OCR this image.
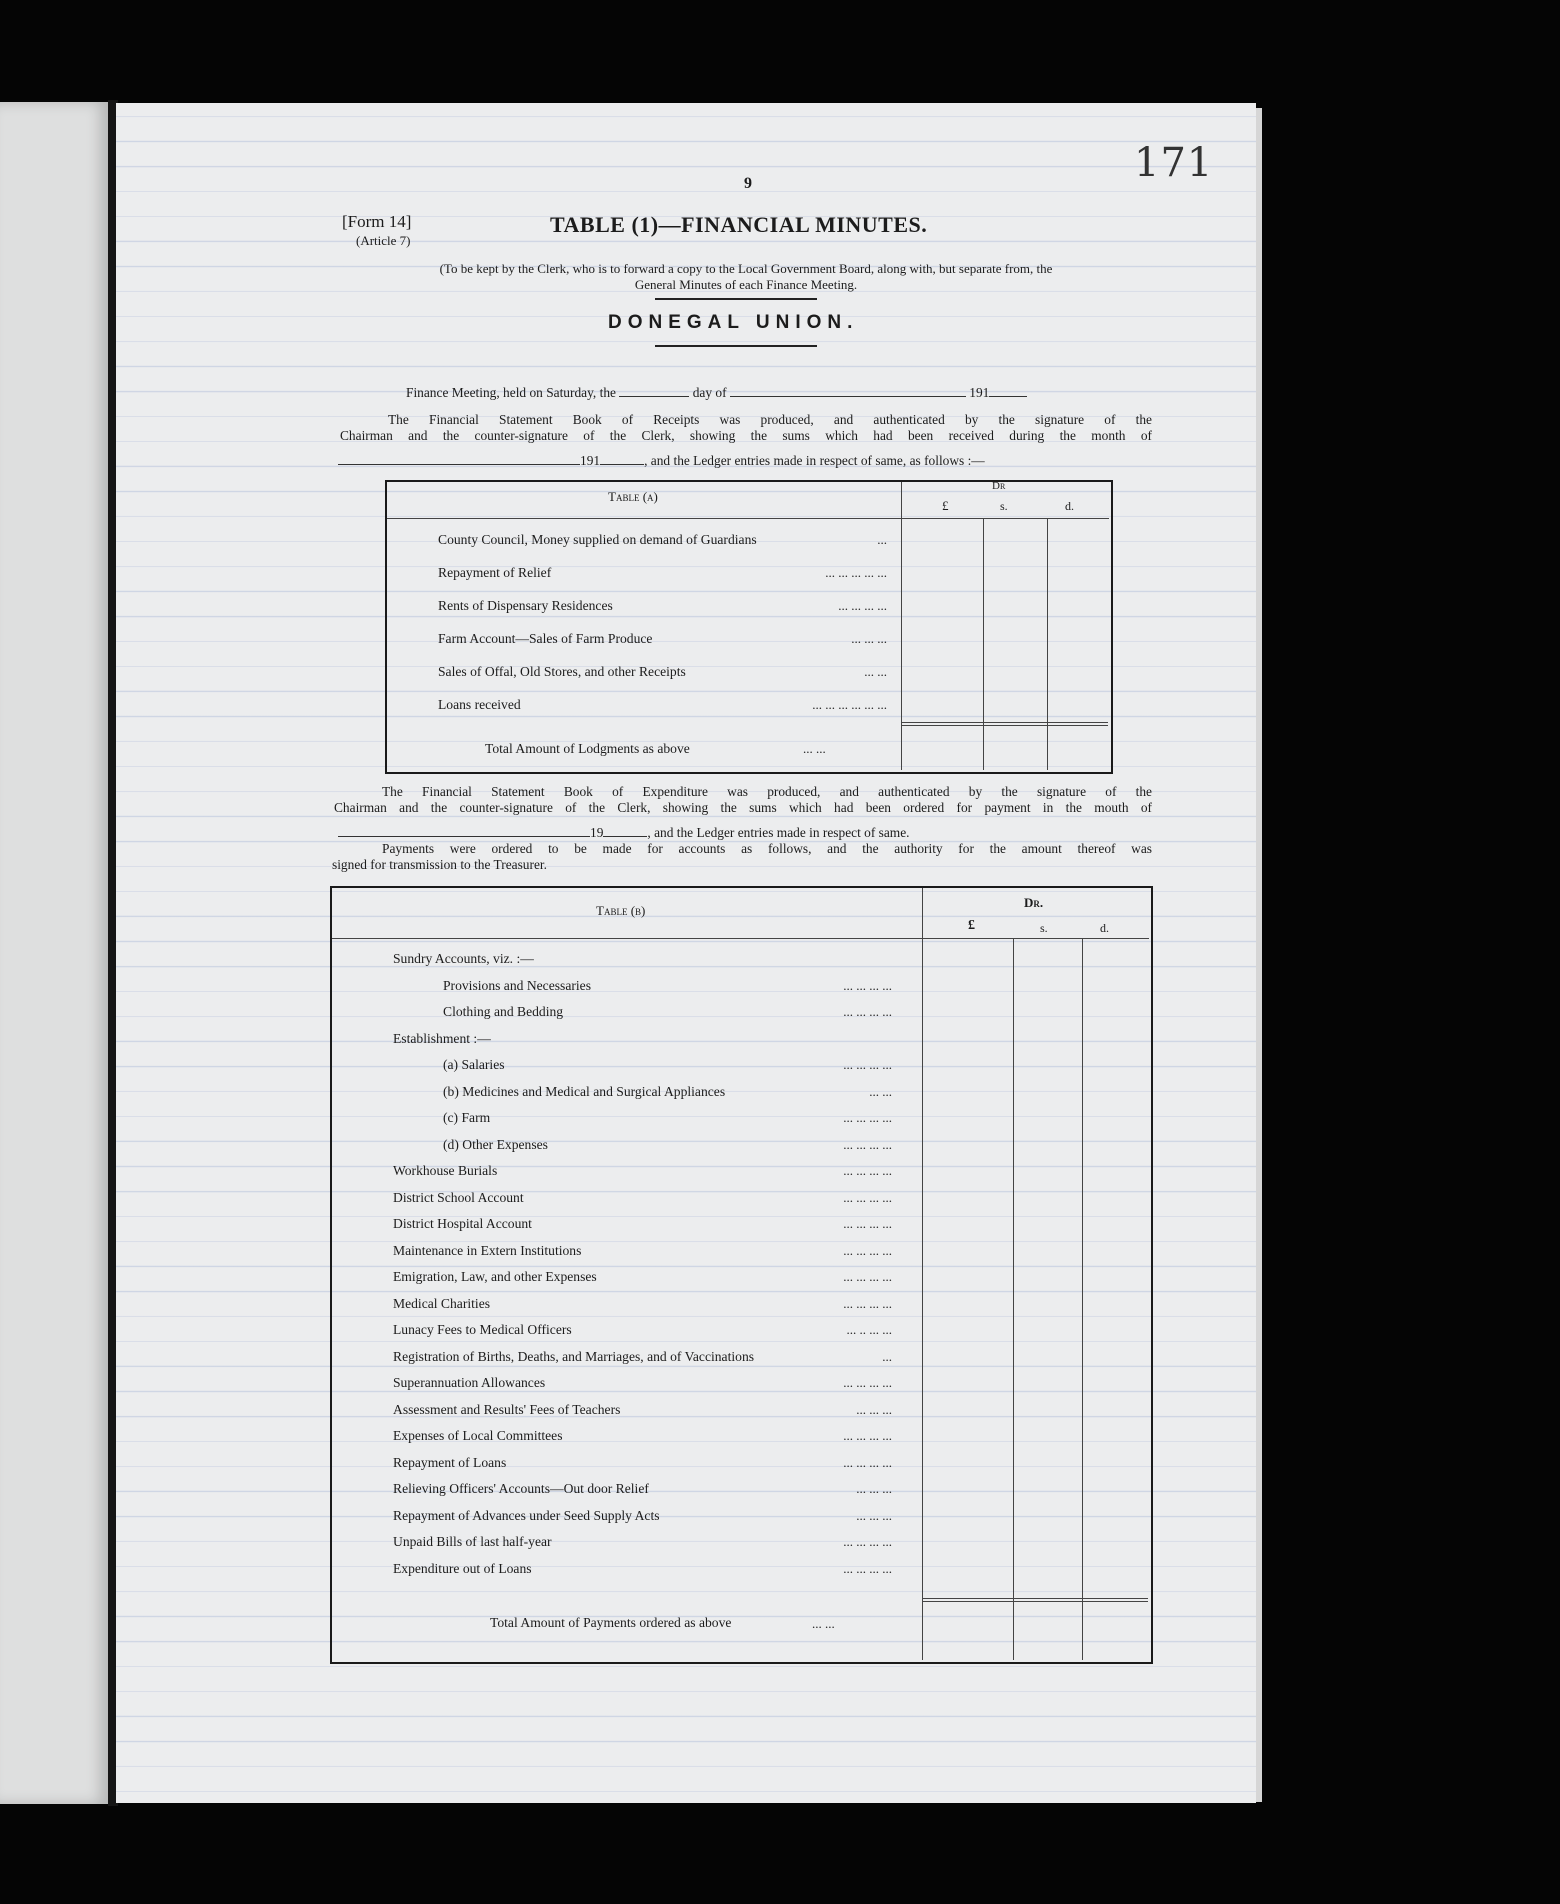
171
9
[Form 14]
(Article 7)
TABLE (1)—FINANCIAL MINUTES.
(To be kept by the Clerk, who is to forward a copy to the Local Government Board, along with, but separate from, the
General Minutes of each Finance Meeting.
DONEGAL UNION.
Finance Meeting, held on Saturday, the	day of	191
The Financial Statement Book of Receipts was produced, and authenticated by the signature of the
Chairman and the counter-signature of the Clerk, showing the sums which had been received during the month of
191	, and the Ledger entries made in respect of same, as follows :—
Table (a)
Dr
£	s.	d.
County Council, Money supplied on demand of Guardians	...
Repayment of Relief	... ... ... ... ...
Rents of Dispensary Residences	... ... ... ...
Farm Account—Sales of Farm Produce	... ... ...
Sales of Offal, Old Stores, and other Receipts	... ...
Loans received	... ... ... ... ... ...
Total Amount of Lodgments as above	... ...
The Financial Statement Book of Expenditure was produced, and authenticated by the signature of the
Chairman and the counter-signature of the Clerk, showing the sums which had been ordered for payment in the mouth of
19	, and the Ledger entries made in respect of same.
Payments were ordered to be made for accounts as follows, and the authority for the amount thereof was
signed for transmission to the Treasurer.
Table (b)
Dr.
£	s.	d.
Sundry Accounts, viz. :—
Provisions and Necessaries	... ... ... ...
Clothing and Bedding	... ... ... ...
Establishment :—
(a) Salaries	... ... ... ...
(b) Medicines and Medical and Surgical Appliances	... ...
(c) Farm	... ... ... ...
(d) Other Expenses	... ... ... ...
Workhouse Burials	... ... ... ...
District School Account	... ... ... ...
District Hospital Account	... ... ... ...
Maintenance in Extern Institutions	... ... ... ...
Emigration, Law, and other Expenses	... ... ... ...
Medical Charities	... ... ... ...
Lunacy Fees to Medical Officers	... .. ... ...
Registration of Births, Deaths, and Marriages, and of Vaccinations	...
Superannuation Allowances	... ... ... ...
Assessment and Results' Fees of Teachers	... ... ...
Expenses of Local Committees	... ... ... ...
Repayment of Loans	... ... ... ...
Relieving Officers' Accounts—Out door Relief	... ... ...
Repayment of Advances under Seed Supply Acts	... ... ...
Unpaid Bills of last half-year	... ... ... ...
Expenditure out of Loans	... ... ... ...
Total Amount of Payments ordered as above	... ...
